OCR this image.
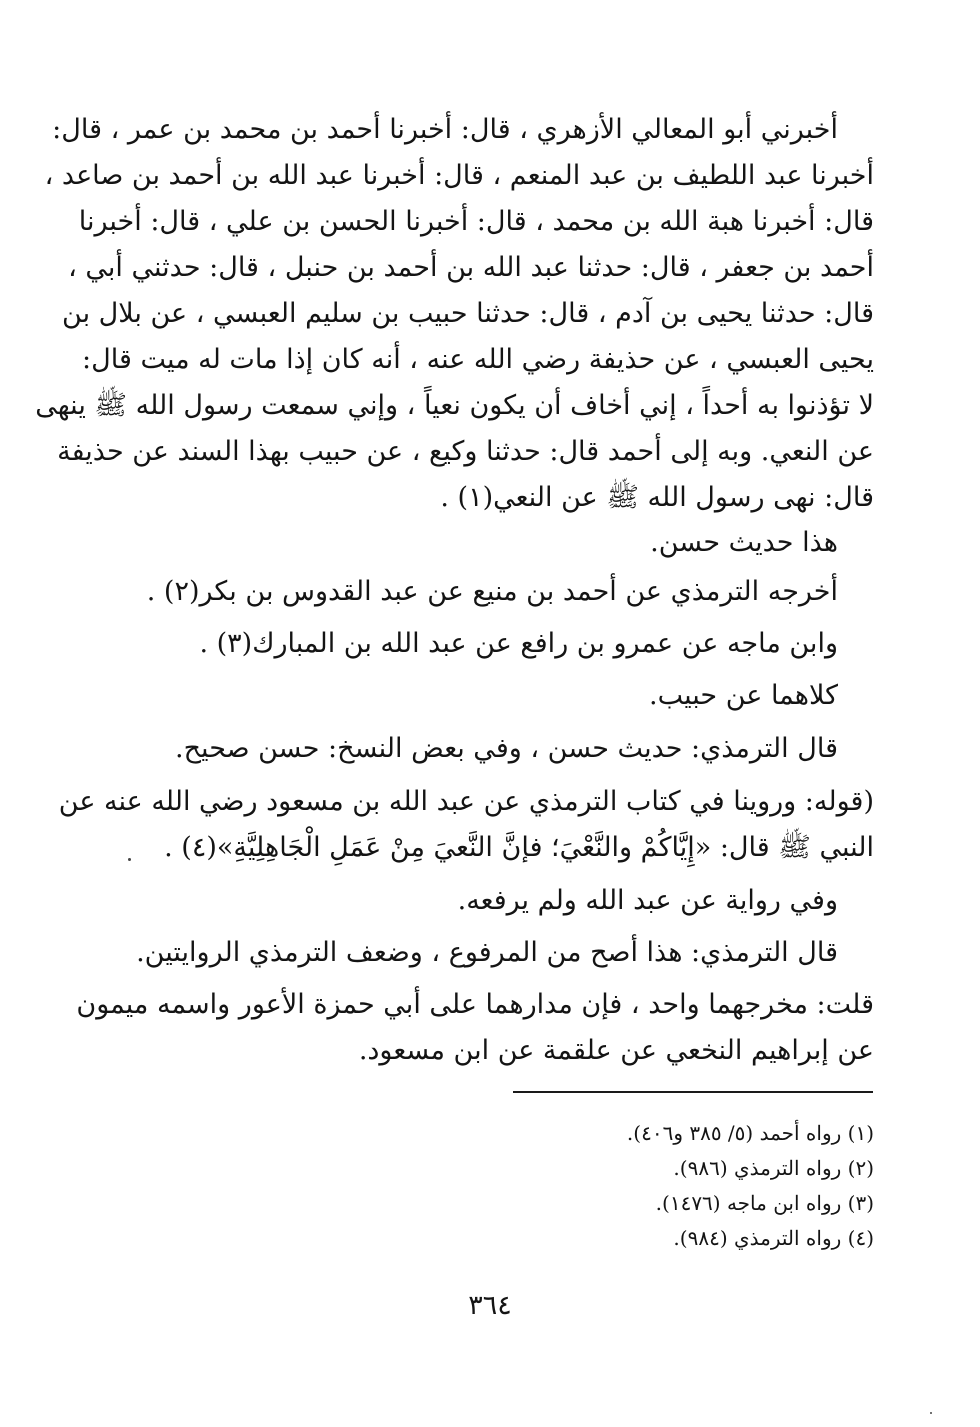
أخبرني أبو المعالي الأزهري ، قال: أخبرنا أحمد بن محمد بن عمر ، قال:
أخبرنا عبد اللطيف بن عبد المنعم ، قال: أخبرنا عبد الله بن أحمد بن صاعد ،
قال: أخبرنا هبة الله بن محمد ، قال: أخبرنا الحسن بن علي ، قال: أخبرنا
أحمد بن جعفر ، قال: حدثنا عبد الله بن أحمد بن حنبل ، قال: حدثني أبي ،
قال: حدثنا يحيى بن آدم ، قال: حدثنا حبيب بن سليم العبسي ، عن بلال بن
يحيى العبسي ، عن حذيفة رضي الله عنه ، أنه كان إذا مات له ميت قال:
لا تؤذنوا به أحداً ، إني أخاف أن يكون نعياً ، وإني سمعت رسول الله ﷺ ينهى
عن النعي. وبه إلى أحمد قال: حدثنا وكيع ، عن حبيب بهذا السند عن حذيفة
قال: نهى رسول الله ﷺ عن النعي(١) .
هذا حديث حسن.
أخرجه الترمذي عن أحمد بن منيع عن عبد القدوس بن بكر(٢) .
وابن ماجه عن عمرو بن رافع عن عبد الله بن المبارك(٣) .
كلاهما عن حبيب.
قال الترمذي: حديث حسن ، وفي بعض النسخ: حسن صحيح.
(قوله: وروينا في كتاب الترمذي عن عبد الله بن مسعود رضي الله عنه عن
النبي ﷺ قال: «إِيَّاكُمْ والنَّعْيَ؛ فإنَّ النَّعيَ مِنْ عَمَلِ الْجَاهِلِيَّةِ»(٤) .
وفي رواية عن عبد الله ولم يرفعه.
قال الترمذي: هذا أصح من المرفوع ، وضعف الترمذي الروايتين.
قلت: مخرجهما واحد ، فإن مدارهما على أبي حمزة الأعور واسمه ميمون
عن إبراهيم النخعي عن علقمة عن ابن مسعود.
(١) رواه أحمد (٥/ ٣٨٥ و٤٠٦).
(٢) رواه الترمذي (٩٨٦).
(٣) رواه ابن ماجه (١٤٧٦).
(٤) رواه الترمذي (٩٨٤).
٣٦٤
